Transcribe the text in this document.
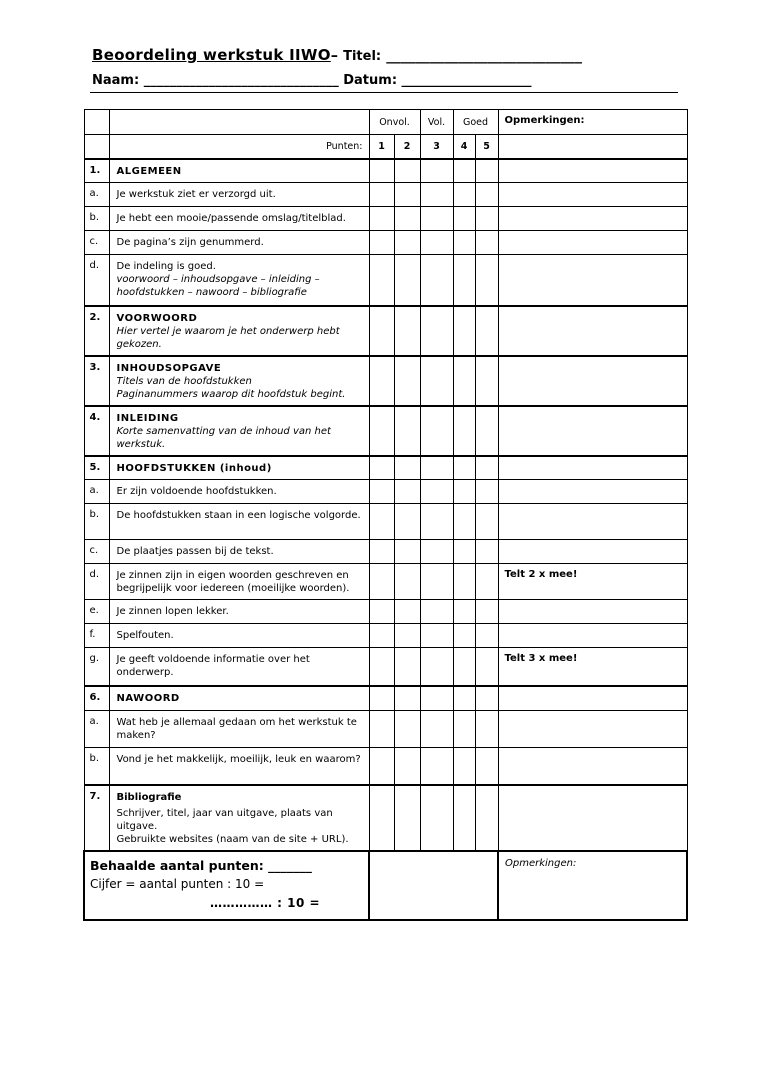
Beoordeling werkstuk IIWO– Titel: ___________________________
Naam: ______________________________ Datum: ____________________
		Onvol.		Vol.	Goed		Opmerkingen:
	Punten:	1	2	3	4	5	
1.	ALGEMEEN						
a.	Je werkstuk ziet er verzorgd uit.						
b.	Je hebt een mooie/passende omslag/titelblad.						
c.	De pagina’s zijn genummerd.						
d.	De indeling is goed.
voorwoord – inhoudsopgave – inleiding – hoofdstukken – nawoord – bibliografie						

2.	VOORWOORD
Hier vertel je waarom je het onderwerp hebt gekozen.						

3.	INHOUDSOPGAVE
Titels van de hoofdstukken
Paginanummers waarop dit hoofdstuk begint.						

4.	INLEIDING
Korte samenvatting van de inhoud van het werkstuk.						

5.	HOOFDSTUKKEN (inhoud)						
a.	Er zijn voldoende hoofdstukken.						
b.	De hoofdstukken staan in een logische volgorde.						
c.	De plaatjes passen bij de tekst.						
d.	Je zinnen zijn in eigen woorden geschreven en begrijpelijk voor iedereen (moeilijke woorden).						Telt 2 x mee!
e.	Je zinnen lopen lekker.						
f.	Spelfouten.						
g.	Je geeft voldoende informatie over het onderwerp.						Telt 3 x mee!
6.	NAWOORD						
a.	Wat heb je allemaal gedaan om het werkstuk te maken?						
b.	Vond je het makkelijk, moeilijk, leuk en waarom?						
7.	Bibliografie
Schrijver, titel, jaar van uitgave, plaats van uitgave.
Gebruikte websites (naam van de site + URL).						

Behaalde aantal punten: _______
Cijfer = aantal punten : 10 =
…………… : 10 =							Opmerkingen:
